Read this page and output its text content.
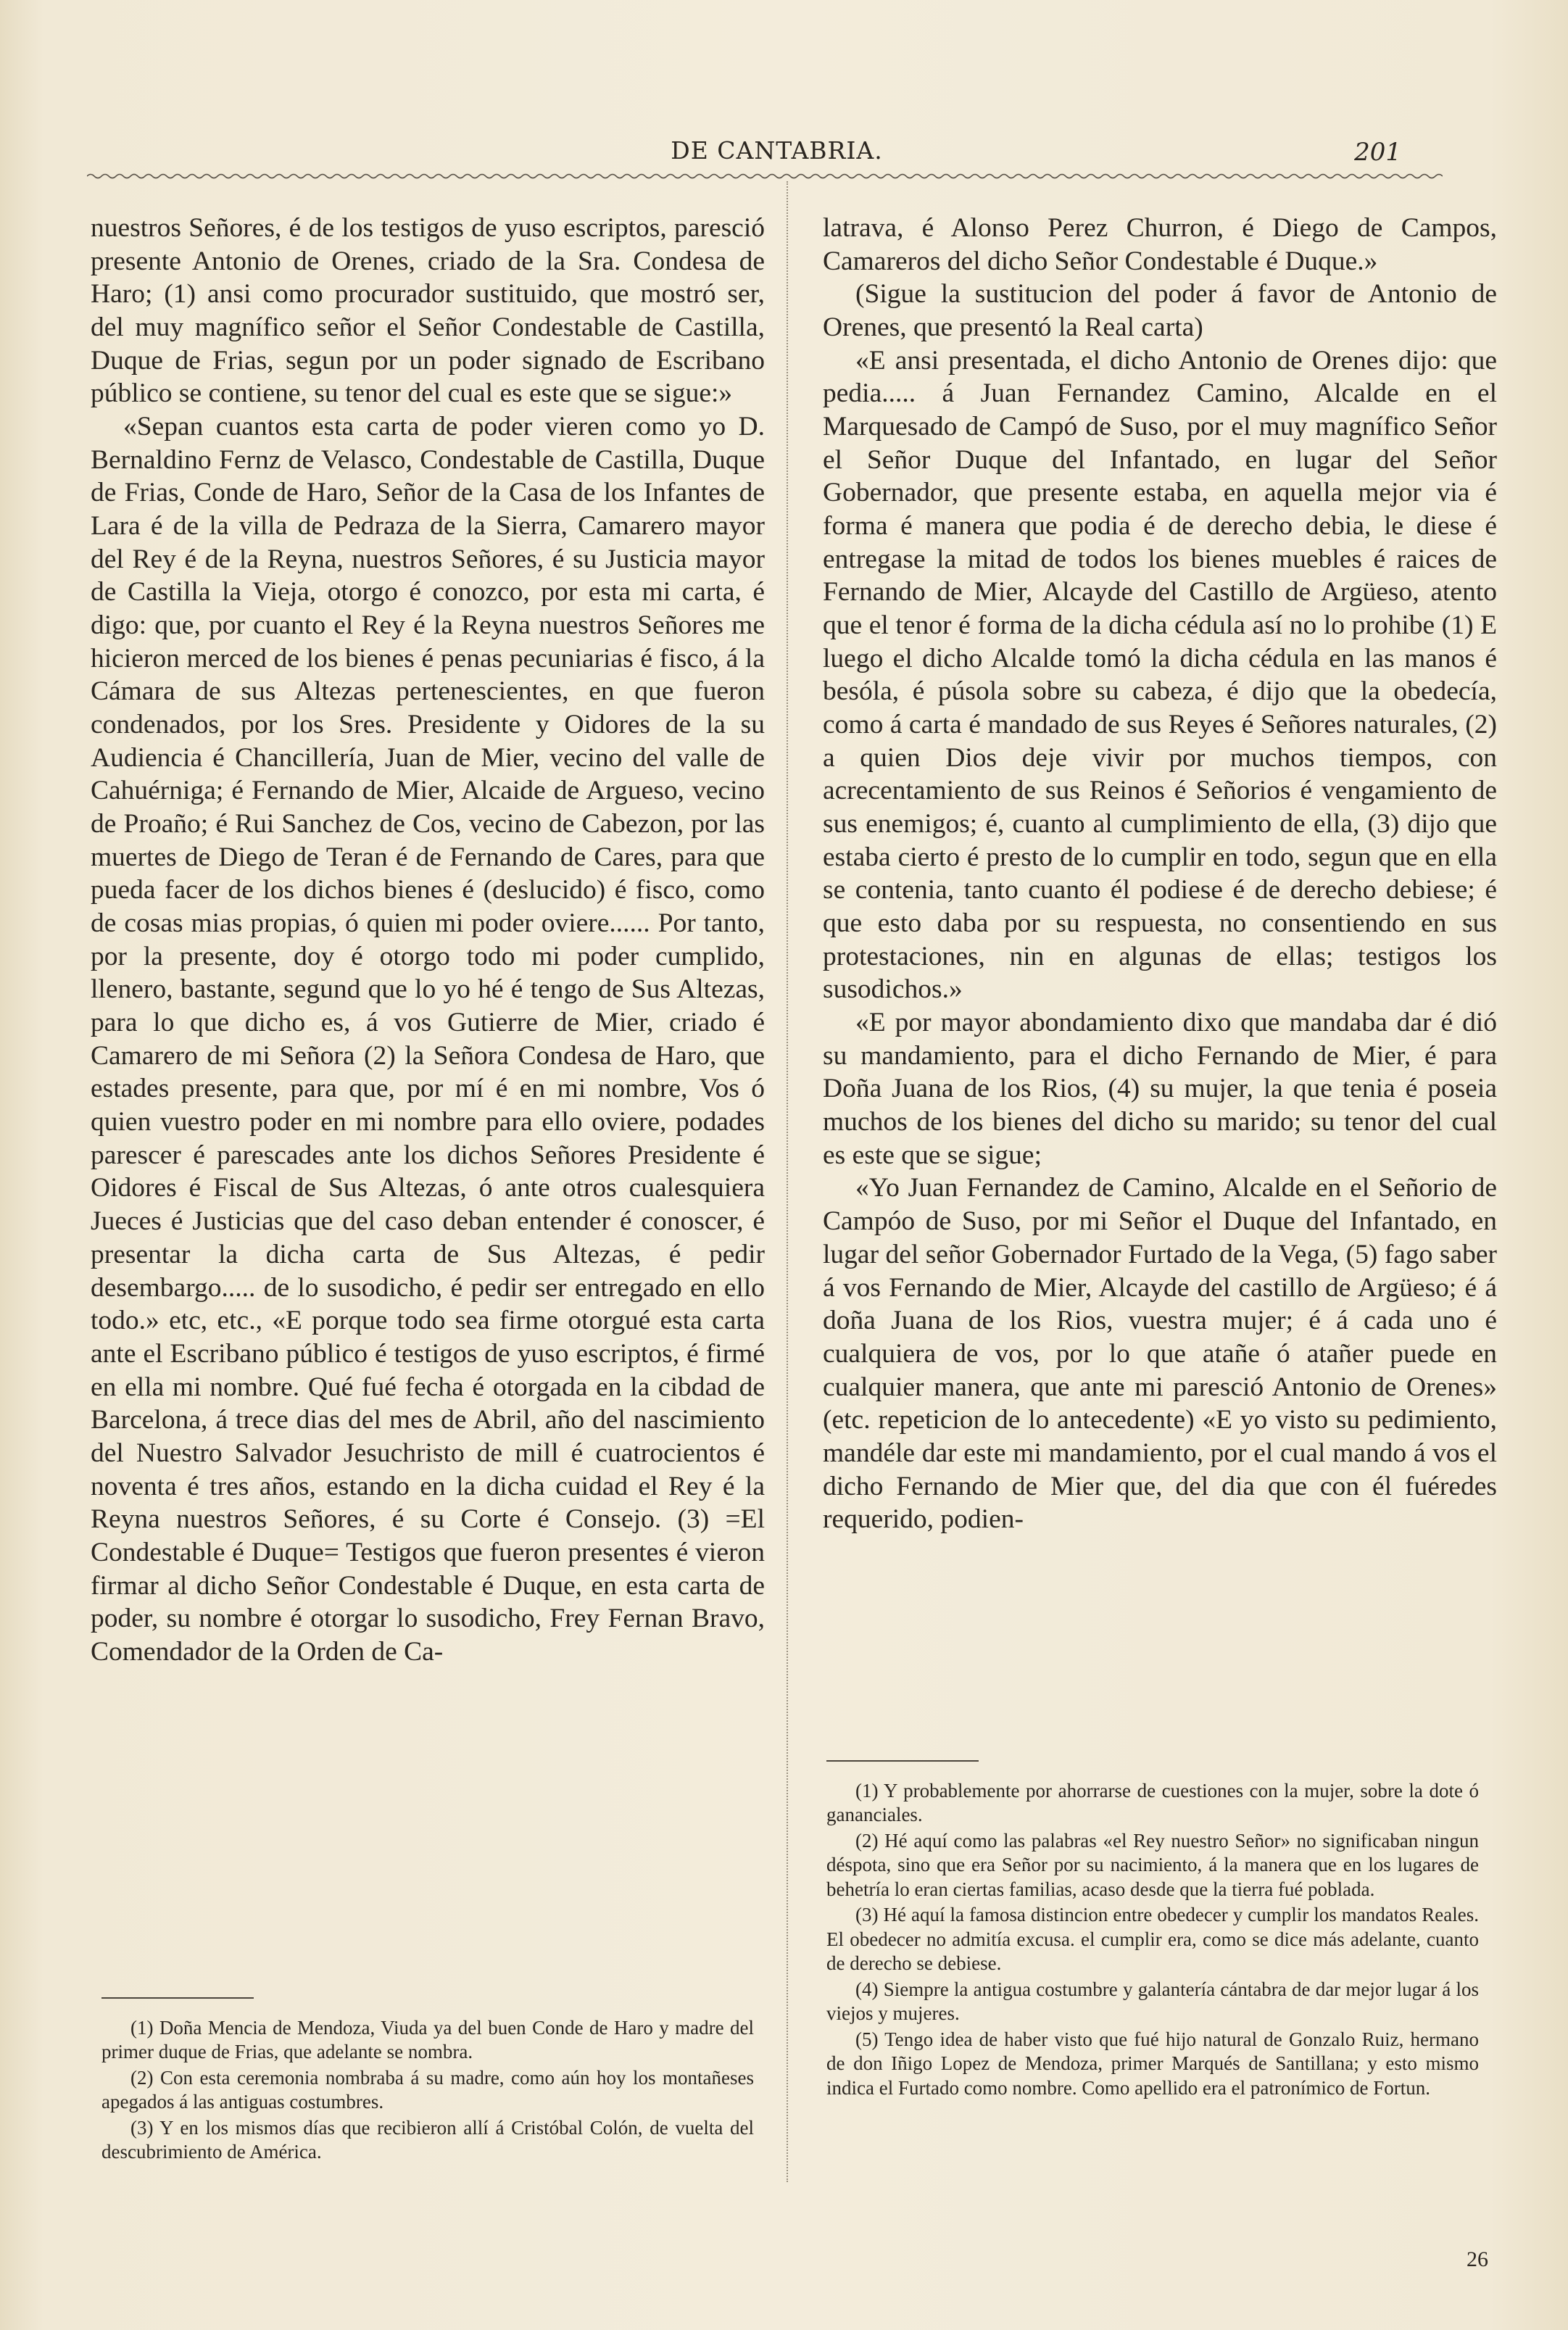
DE CANTABRIA.	201

nuestros Señores, é de los testigos de yuso escriptos, paresció presente Antonio de Orenes, criado de la Sra. Condesa de Haro; (1) ansi como procurador sustituido, que mostró ser, del muy magnífico señor el Señor Condestable de Castilla, Duque de Frias, segun por un poder signado de Escribano público se contiene, su tenor del cual es este que se sigue:»

«Sepan cuantos esta carta de poder vieren como yo D. Bernaldino Fernz de Velasco, Condestable de Castilla, Duque de Frias, Conde de Haro, Señor de la Casa de los Infantes de Lara é de la villa de Pedraza de la Sierra, Camarero mayor del Rey é de la Reyna, nuestros Señores, é su Justicia mayor de Castilla la Vieja, otorgo é conozco, por esta mi carta, é digo: que, por cuanto el Rey é la Reyna nuestros Señores me hicieron merced de los bienes é penas pecuniarias é fisco, á la Cámara de sus Altezas pertenescientes, en que fueron condenados, por los Sres. Presidente y Oidores de la su Audiencia é Chancillería, Juan de Mier, vecino del valle de Cahuérniga; é Fernando de Mier, Alcaide de Argueso, vecino de Proaño; é Rui Sanchez de Cos, vecino de Cabezon, por las muertes de Diego de Teran é de Fernando de Cares, para que pueda facer de los dichos bienes é (deslucido) é fisco, como de cosas mias propias, ó quien mi poder oviere...... Por tanto, por la presente, doy é otorgo todo mi poder cumplido, llenero, bastante, segund que lo yo hé é tengo de Sus Altezas, para lo que dicho es, á vos Gutierre de Mier, criado é Camarero de mi Señora (2) la Señora Condesa de Haro, que estades presente, para que, por mí é en mi nombre, Vos ó quien vuestro poder en mi nombre para ello oviere, podades parescer é parescades ante los dichos Señores Presidente é Oidores é Fiscal de Sus Altezas, ó ante otros cualesquiera Jueces é Justicias que del caso deban entender é conoscer, é presentar la dicha carta de Sus Altezas, é pedir desembargo..... de lo susodicho, é pedir ser entregado en ello todo.» etc, etc., «E porque todo sea firme otorgué esta carta ante el Escribano público é testigos de yuso escriptos, é firmé en ella mi nombre. Qué fué fecha é otorgada en la cibdad de Barcelona, á trece dias del mes de Abril, año del nascimiento del Nuestro Salvador Jesuchristo de mill é cuatrocientos é noventa é tres años, estando en la dicha cuidad el Rey é la Reyna nuestros Señores, é su Corte é Consejo. (3) =El Condestable é Duque= Testigos que fueron presentes é vieron firmar al dicho Señor Condestable é Duque, en esta carta de poder, su nombre é otorgar lo susodicho, Frey Fernan Bravo, Comendador de la Orden de Ca-

latrava, é Alonso Perez Churron, é Diego de Campos, Camareros del dicho Señor Condestable é Duque.»

(Sigue la sustitucion del poder á favor de Antonio de Orenes, que presentó la Real carta)

«E ansi presentada, el dicho Antonio de Orenes dijo: que pedia..... á Juan Fernandez Camino, Alcalde en el Marquesado de Campó de Suso, por el muy magnífico Señor el Señor Duque del Infantado, en lugar del Señor Gobernador, que presente estaba, en aquella mejor via é forma é manera que podia é de derecho debia, le diese é entregase la mitad de todos los bienes muebles é raices de Fernando de Mier, Alcayde del Castillo de Argüeso, atento que el tenor é forma de la dicha cédula así no lo prohibe (1) E luego el dicho Alcalde tomó la dicha cédula en las manos é besóla, é púsola sobre su cabeza, é dijo que la obedecía, como á carta é mandado de sus Reyes é Señores naturales, (2) a quien Dios deje vivir por muchos tiempos, con acrecentamiento de sus Reinos é Señorios é vengamiento de sus enemigos; é, cuanto al cumplimiento de ella, (3) dijo que estaba cierto é presto de lo cumplir en todo, segun que en ella se contenia, tanto cuanto él podiese é de derecho debiese; é que esto daba por su respuesta, no consentiendo en sus protestaciones, nin en algunas de ellas; testigos los susodichos.»

«E por mayor abondamiento dixo que mandaba dar é dió su mandamiento, para el dicho Fernando de Mier, é para Doña Juana de los Rios, (4) su mujer, la que tenia é poseia muchos de los bienes del dicho su marido; su tenor del cual es este que se sigue;

«Yo Juan Fernandez de Camino, Alcalde en el Señorio de Campóo de Suso, por mi Señor el Duque del Infantado, en lugar del señor Gobernador Furtado de la Vega, (5) fago saber á vos Fernando de Mier, Alcayde del castillo de Argüeso; é á doña Juana de los Rios, vuestra mujer; é á cada uno é cualquiera de vos, por lo que atañe ó atañer puede en cualquier manera, que ante mi paresció Antonio de Orenes» (etc. repeticion de lo antecedente) «E yo visto su pedimiento, mandéle dar este mi mandamiento, por el cual mando á vos el dicho Fernando de Mier que, del dia que con él fuéredes requerido, podien-

(1) Doña Mencia de Mendoza, Viuda ya del buen Conde de Haro y madre del primer duque de Frias, que adelante se nombra.

(2) Con esta ceremonia nombraba á su madre, como aún hoy los montañeses apegados á las antiguas costumbres.

(3) Y en los mismos días que recibieron allí á Cristóbal Colón, de vuelta del descubrimiento de América.

(1) Y probablemente por ahorrarse de cuestiones con la mujer, sobre la dote ó gananciales.

(2) Hé aquí como las palabras «el Rey nuestro Señor» no significaban ningun déspota, sino que era Señor por su nacimiento, á la manera que en los lugares de behetría lo eran ciertas familias, acaso desde que la tierra fué poblada.

(3) Hé aquí la famosa distincion entre obedecer y cumplir los mandatos Reales. El obedecer no admitía excusa. el cumplir era, como se dice más adelante, cuanto de derecho se debiese.

(4) Siempre la antigua costumbre y galantería cántabra de dar mejor lugar á los viejos y mujeres.

(5) Tengo idea de haber visto que fué hijo natural de Gonzalo Ruiz, hermano de don Iñigo Lopez de Mendoza, primer Marqués de Santillana; y esto mismo indica el Furtado como nombre. Como apellido era el patronímico de Fortun.

26
